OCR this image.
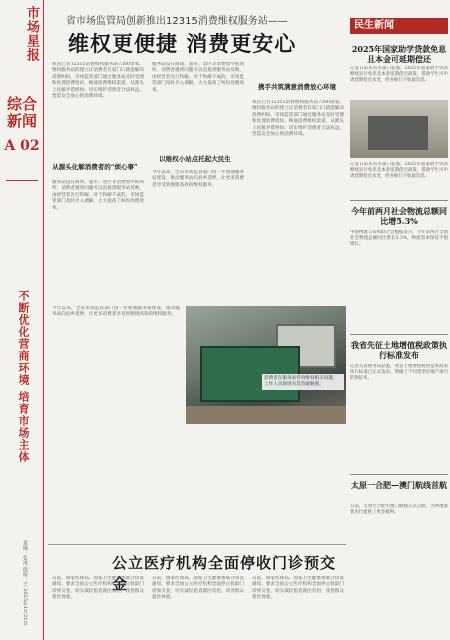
市场星报
综合新闻
A 02
不断优化营商环境 培育市场主体
责编：张冰 组版：王 2025年1月21日
省市场监管局创新推出12315消费维权服务站——
维权更便捷 消费更安心
从源头化解消费者的“烦心事”
以维权小站点托起大民生
携手共筑满意消费放心环境
我省已有12315消费维权服务站7300余家，维权服务站的建立让消费者在家门口就能解决消费纠纷。市场监管部门通过服务站及时受理和处理消费投诉，畅通消费维权渠道，从源头上化解矛盾纠纷，切实维护消费者合法权益，营造安全放心的消费环境。
服务站设在商场、超市、景区等消费集中的场所，消费者遇到问题可以直接到服务站反映，由经营者先行和解。对于和解不成的，市场监管部门及时介入调解，大大提高了纠纷处理效率。
服务站设在商场、超市、景区等消费集中的场所，消费者遇到问题可以直接到服务站反映，由经营者先行和解。对于和解不成的，市场监管部门及时介入调解，大大提高了纠纷处理效率。
今年以来，全省市场监管部门进一步加强服务站建设，推动服务站向县乡延伸，让更多消费者享受到便捷高效的维权服务。
我省已有12315消费维权服务站7300余家，维权服务站的建立让消费者在家门口就能解决消费纠纷。市场监管部门通过服务站及时受理和处理消费投诉，畅通消费维权渠道，从源头上化解矛盾纠纷，切实维护消费者合法权益，营造安全放心的消费环境。
今年以来，全省市场监管部门进一步加强服务站建设，推动服务站向县乡延伸，让更多消费者享受到便捷高效的维权服务。
消费者在服务站咨询维权相关问题，工作人员现场为其答疑解惑。
公立医疗机构全面停收门诊预交金
日前，国家医保局、国家卫生健康委联合印发通知，要求全国公立医疗机构全面停止收取门诊预交金，切实减轻患者就医负担，改善群众就医体验。
日前，国家医保局、国家卫生健康委联合印发通知，要求全国公立医疗机构全面停止收取门诊预交金，切实减轻患者就医负担，改善群众就医体验。
日前，国家医保局、国家卫生健康委联合印发通知，要求全国公立医疗机构全面停止收取门诊预交金，切实减轻患者就医负担，改善群众就医体验。
民生新闻
2025年国家助学贷款免息且本金可延期偿还
记者日前从有关部门获悉，2025年国家助学贷款继续实行免息及本金延期偿还政策，借款学生可申请延期偿还本金，经办银行不收取罚息。
记者日前从有关部门获悉，2025年国家助学贷款继续实行免息及本金延期偿还政策，借款学生可申请延期偿还本金，经办银行不收取罚息。
今年前两月社会物流总额同比增5.3%
中国物流与采购联合会数据显示，今年前两月全国社会物流总额同比增长5.3%，物流需求保持平稳增长。
我省先征土地增值税政策执行标准发布
记者从省税务局获悉，我省土地增值税预征率政策执行标准已正式发布，明确了不同类型房地产项目的预征率。
太原一合肥—澳门航线首航
日前，太原至合肥至澳门航线正式首航，为两地旅客出行提供了更多便利。
